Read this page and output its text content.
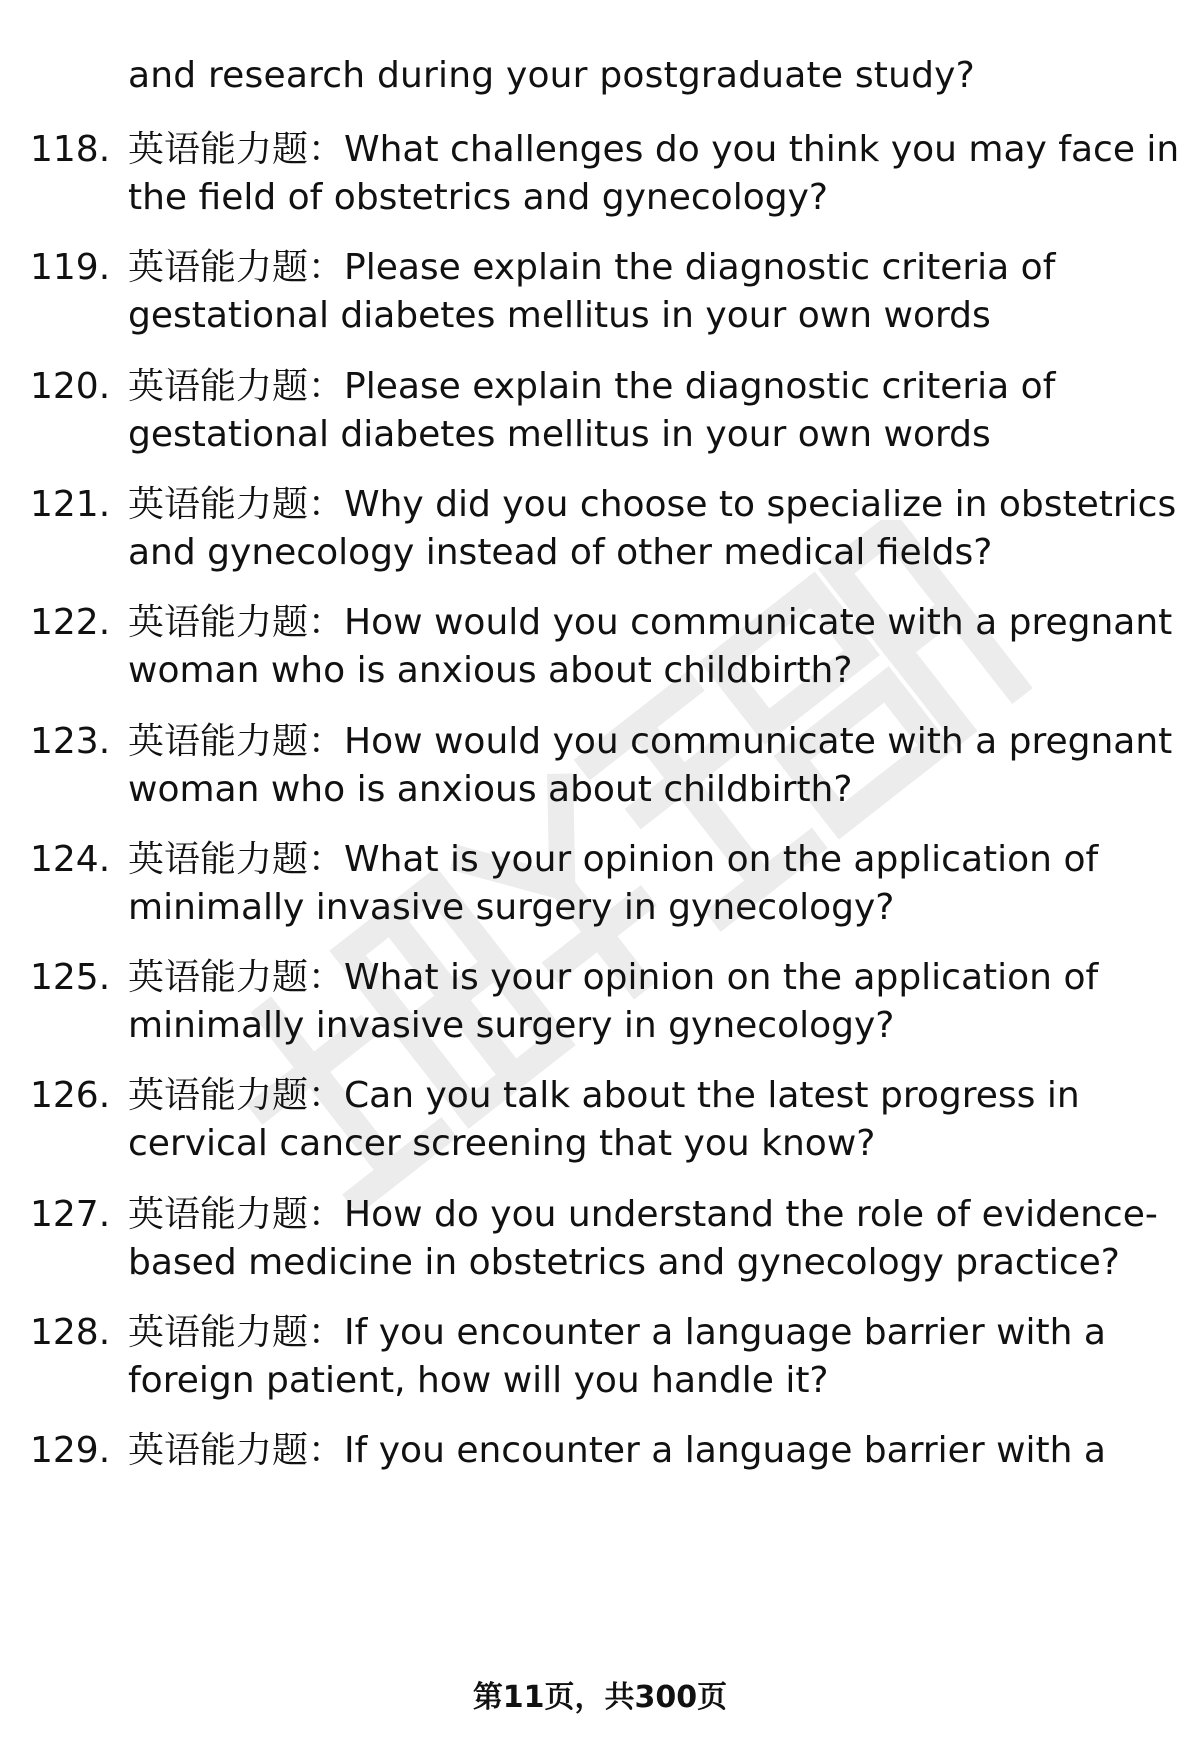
and research during your postgraduate study?
118. 英语能力题：What challenges do you think you may face in
the field of obstetrics and gynecology?
119. 英语能力题：Please explain the diagnostic criteria of
gestational diabetes mellitus in your own words
120. 英语能力题：Please explain the diagnostic criteria of
gestational diabetes mellitus in your own words
121. 英语能力题：Why did you choose to specialize in obstetrics
and gynecology instead of other medical fields?
122. 英语能力题：How would you communicate with a pregnant
woman who is anxious about childbirth?
123. 英语能力题：How would you communicate with a pregnant
woman who is anxious about childbirth?
124. 英语能力题：What is your opinion on the application of
minimally invasive surgery in gynecology?
125. 英语能力题：What is your opinion on the application of
minimally invasive surgery in gynecology?
126. 英语能力题：Can you talk about the latest progress in
cervical cancer screening that you know?
127. 英语能力题：How do you understand the role of evidence-
based medicine in obstetrics and gynecology practice?
128. 英语能力题：If you encounter a language barrier with a
foreign patient, how will you handle it?
129. 英语能力题：If you encounter a language barrier with a
第11页，共300页
